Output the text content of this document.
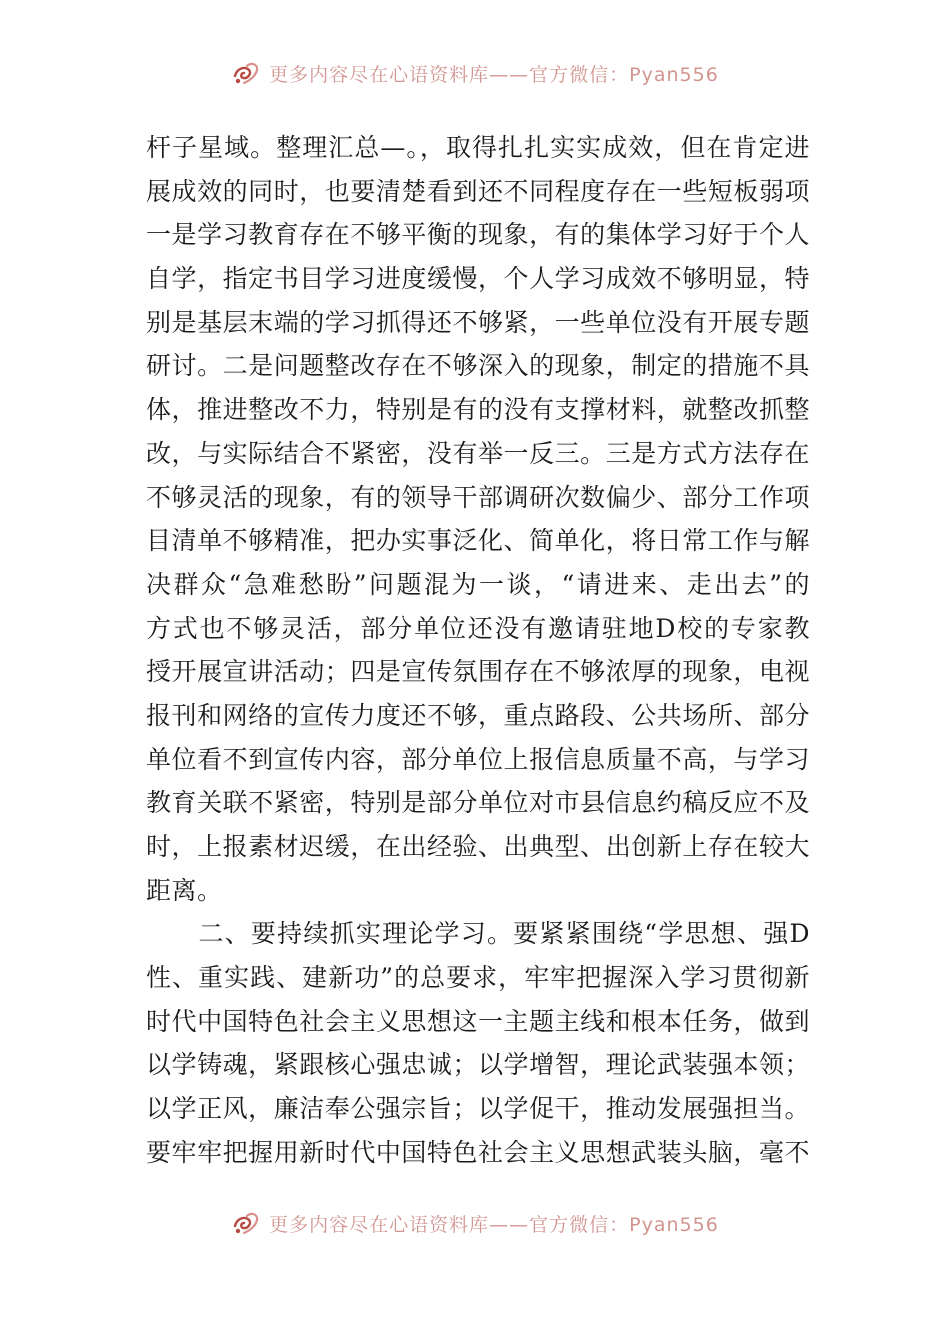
更多内容尽在心语资料库——官方微信：Pyan556
杆子星域。整理汇总—。，取得扎扎实实成效，但在肯定进
展成效的同时，也要清楚看到还不同程度存在一些短板弱项
一是学习教育存在不够平衡的现象，有的集体学习好于个人
自学，指定书目学习进度缓慢，个人学习成效不够明显，特
别是基层末端的学习抓得还不够紧，一些单位没有开展专题
研讨。二是问题整改存在不够深入的现象，制定的措施不具
体，推进整改不力，特别是有的没有支撑材料，就整改抓整
改，与实际结合不紧密，没有举一反三。三是方式方法存在
不够灵活的现象，有的领导干部调研次数偏少、部分工作项
目清单不够精准，把办实事泛化、简单化，将日常工作与解
决群众“急难愁盼”问题混为一谈，“请进来、走出去”的
方式也不够灵活，部分单位还没有邀请驻地D校的专家教
授开展宣讲活动；四是宣传氛围存在不够浓厚的现象，电视
报刊和网络的宣传力度还不够，重点路段、公共场所、部分
单位看不到宣传内容，部分单位上报信息质量不高，与学习
教育关联不紧密，特别是部分单位对市县信息约稿反应不及
时，上报素材迟缓，在出经验、出典型、出创新上存在较大
距离。
　　二、要持续抓实理论学习。要紧紧围绕“学思想、强D
性、重实践、建新功”的总要求，牢牢把握深入学习贯彻新
时代中国特色社会主义思想这一主题主线和根本任务，做到
以学铸魂，紧跟核心强忠诚；以学增智，理论武装强本领；
以学正风，廉洁奉公强宗旨；以学促干，推动发展强担当。
要牢牢把握用新时代中国特色社会主义思想武装头脑，毫不
更多内容尽在心语资料库——官方微信：Pyan556
